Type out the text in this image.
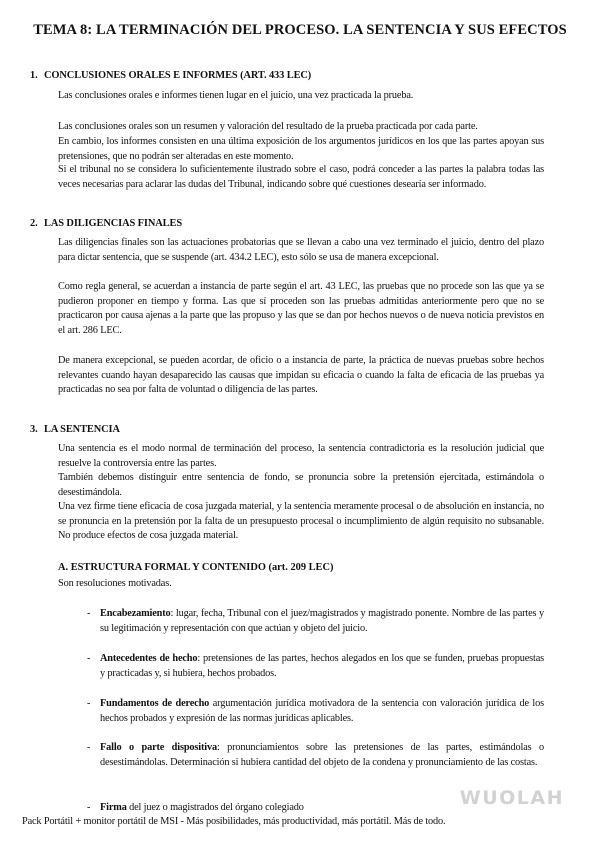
TEMA 8: LA TERMINACIÓN DEL PROCESO. LA SENTENCIA Y SUS EFECTOS
1. CONCLUSIONES ORALES E INFORMES (ART. 433 LEC)

Las conclusiones orales e informes tienen lugar en el juicio, una vez practicada la prueba.

Las conclusiones orales son un resumen y valoración del resultado de la prueba practicada por cada parte.

En cambio, los informes consisten en una última exposición de los argumentos jurídicos en los que las partes apoyan sus pretensiones, que no podrán ser alteradas en este momento.

Si el tribunal no se considera lo suficientemente ilustrado sobre el caso, podrá conceder a las partes la palabra todas las veces necesarias para aclarar las dudas del Tribunal, indicando sobre qué cuestiones desearía ser informado.

2. LAS DILIGENCIAS FINALES

Las diligencias finales son las actuaciones probatorias que se llevan a cabo una vez terminado el juicio, dentro del plazo para dictar sentencia, que se suspende (art. 434.2 LEC), esto sólo se usa de manera excepcional.

Como regla general, se acuerdan a instancia de parte según el art. 43 LEC, las pruebas que no procede son las que ya se pudieron proponer en tiempo y forma. Las que sí proceden son las pruebas admitidas anteriormente pero que no se practicaron por causa ajenas a la parte que las propuso y las que se dan por hechos nuevos o de nueva noticia previstos en el art. 286 LEC.

De manera excepcional, se pueden acordar, de oficio o a instancia de parte, la práctica de nuevas pruebas sobre hechos relevantes cuando hayan desaparecido las causas que impidan su eficacia o cuando la falta de eficacia de las pruebas ya practicadas no sea por falta de voluntad o diligencia de las partes.

3. LA SENTENCIA

Una sentencia es el modo normal de terminación del proceso, la sentencia contradictoria es la resolución judicial que resuelve la controversia entre las partes.

También debemos distinguir entre sentencia de fondo, se pronuncia sobre la pretensión ejercitada, estimándola o desestimándola.

Una vez firme tiene eficacia de cosa juzgada material, y la sentencia meramente procesal o de absolución en instancia, no se pronuncia en la pretensión por la falta de un presupuesto procesal o incumplimiento de algún requisito no subsanable. No produce efectos de cosa juzgada material.

A. ESTRUCTURA FORMAL Y CONTENIDO (art. 209 LEC)

Son resoluciones motivadas.

- Encabezamiento: lugar, fecha, Tribunal con el juez/magistrados y magistrado ponente. Nombre de las partes y su legitimación y representación con que actúan y objeto del juicio.
- Antecedentes de hecho: pretensiones de las partes, hechos alegados en los que se funden, pruebas propuestas y practicadas y, si hubiera, hechos probados.
- Fundamentos de derecho argumentación jurídica motivadora de la sentencia con valoración jurídica de los hechos probados y expresión de las normas jurídicas aplicables.
- Fallo o parte dispositiva: pronunciamientos sobre las pretensiones de las partes, estimándolas o desestimándolas. Determinación si hubiera cantidad del objeto de la condena y pronunciamiento de las costas.
- Firma del juez o magistrados del órgano colegiado	WUOLAH

Pack Portátil + monitor portátil de MSI - Más posibilidades, más productividad, más portátil. Más de todo.
